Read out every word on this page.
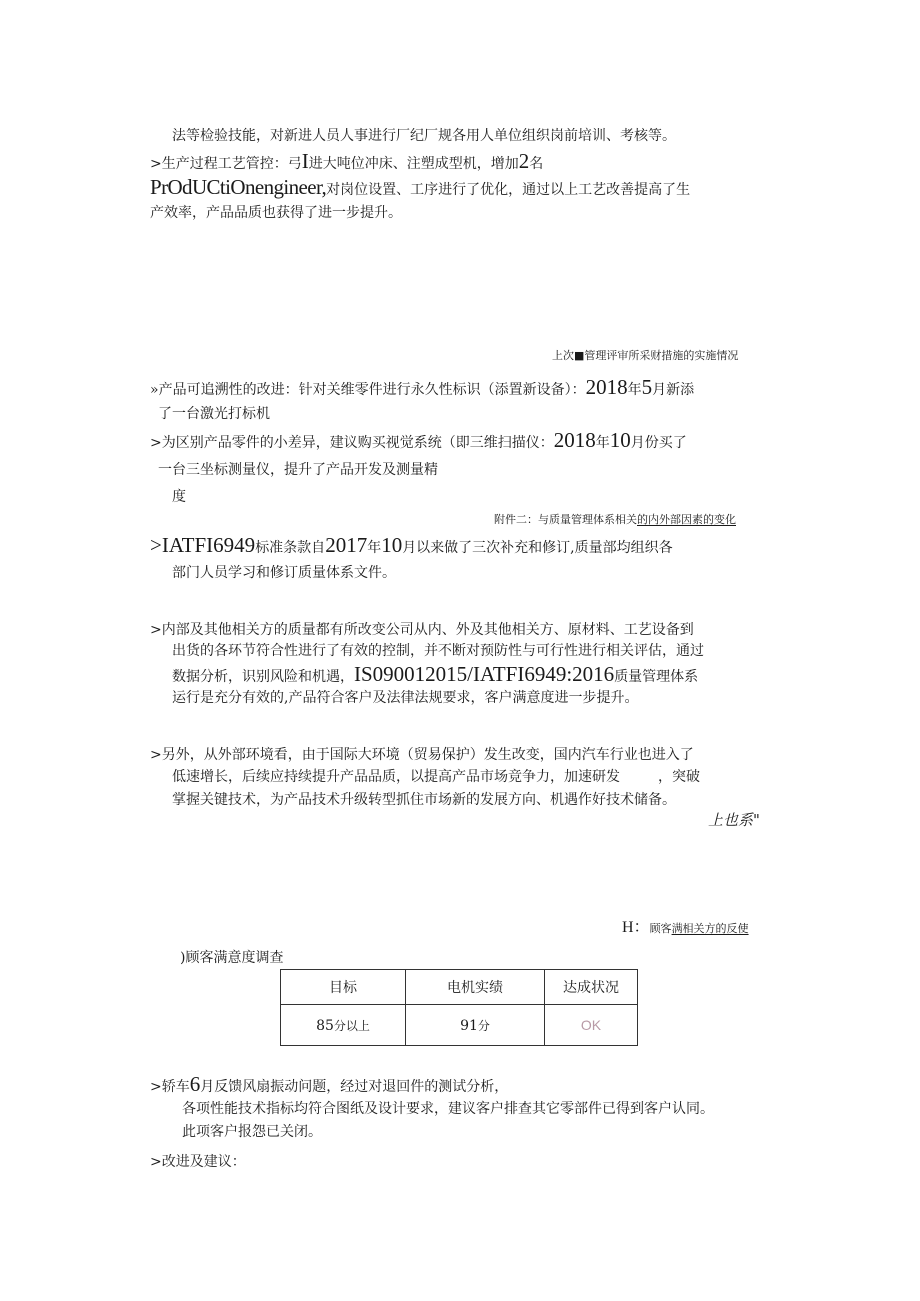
法等检验技能，对新进人员人事进行厂纪厂规各用人单位组织岗前培训、考核等。
>生产过程工艺管控：弓I进大吨位冲床、注塑成型机，增加2名
PrOdUCtiOnengineer,对岗位设置、工序进行了优化，通过以上工艺改善提高了生
产效率，产品品质也获得了进一步提升。
上次■管理评审所采财措施的实施情况
»产品可追溯性的改进：针对关维零件进行永久性标识（添置新设备）：2018年5月新添
了一台激光打标机
>为区别产品零件的小差异，建议购买视觉系统（即三维扫描仪：2018年10月份买了
一台三坐标测量仪，提升了产品开发及测量精
度
附件二：与质量管理体系相关的内外部因素的变化
>IATFI6949标准条款自2017年10月以来做了三次补充和修订,质量部均组织各
部门人员学习和修订质量体系文件。
>内部及其他相关方的质量都有所改变公司从内、外及其他相关方、原材料、工艺设备到
出货的各环节符合性进行了有效的控制，并不断对预防性与可行性进行相关评估，通过
数据分析，识别风险和机遇，IS090012015/IATFI6949:2016质量管理体系
运行是充分有效的,产品符合客户及法律法规要求，客户满意度进一步提升。
>另外，从外部环境看，由于国际大环境（贸易保护）发生改变，国内汽车行业也进入了
低速增长，后续应持续提升产品品质，以提高产品市场竞争力，加速研发	，突破
掌握关键技术，为产品技术升级转型抓住市场新的发展方向、机遇作好技术储备。
上也系"
H：顾客满相关方的反使
)顾客满意度调查
目标	电机实绩	达成状况
85分以上	91分	OK
>轿车6月反馈风扇振动问题，经过对退回件的测试分析，
各项性能技术指标均符合图纸及设计要求，建议客户排查其它零部件已得到客户认同。
此项客户报怨已关闭。
>改进及建议：
